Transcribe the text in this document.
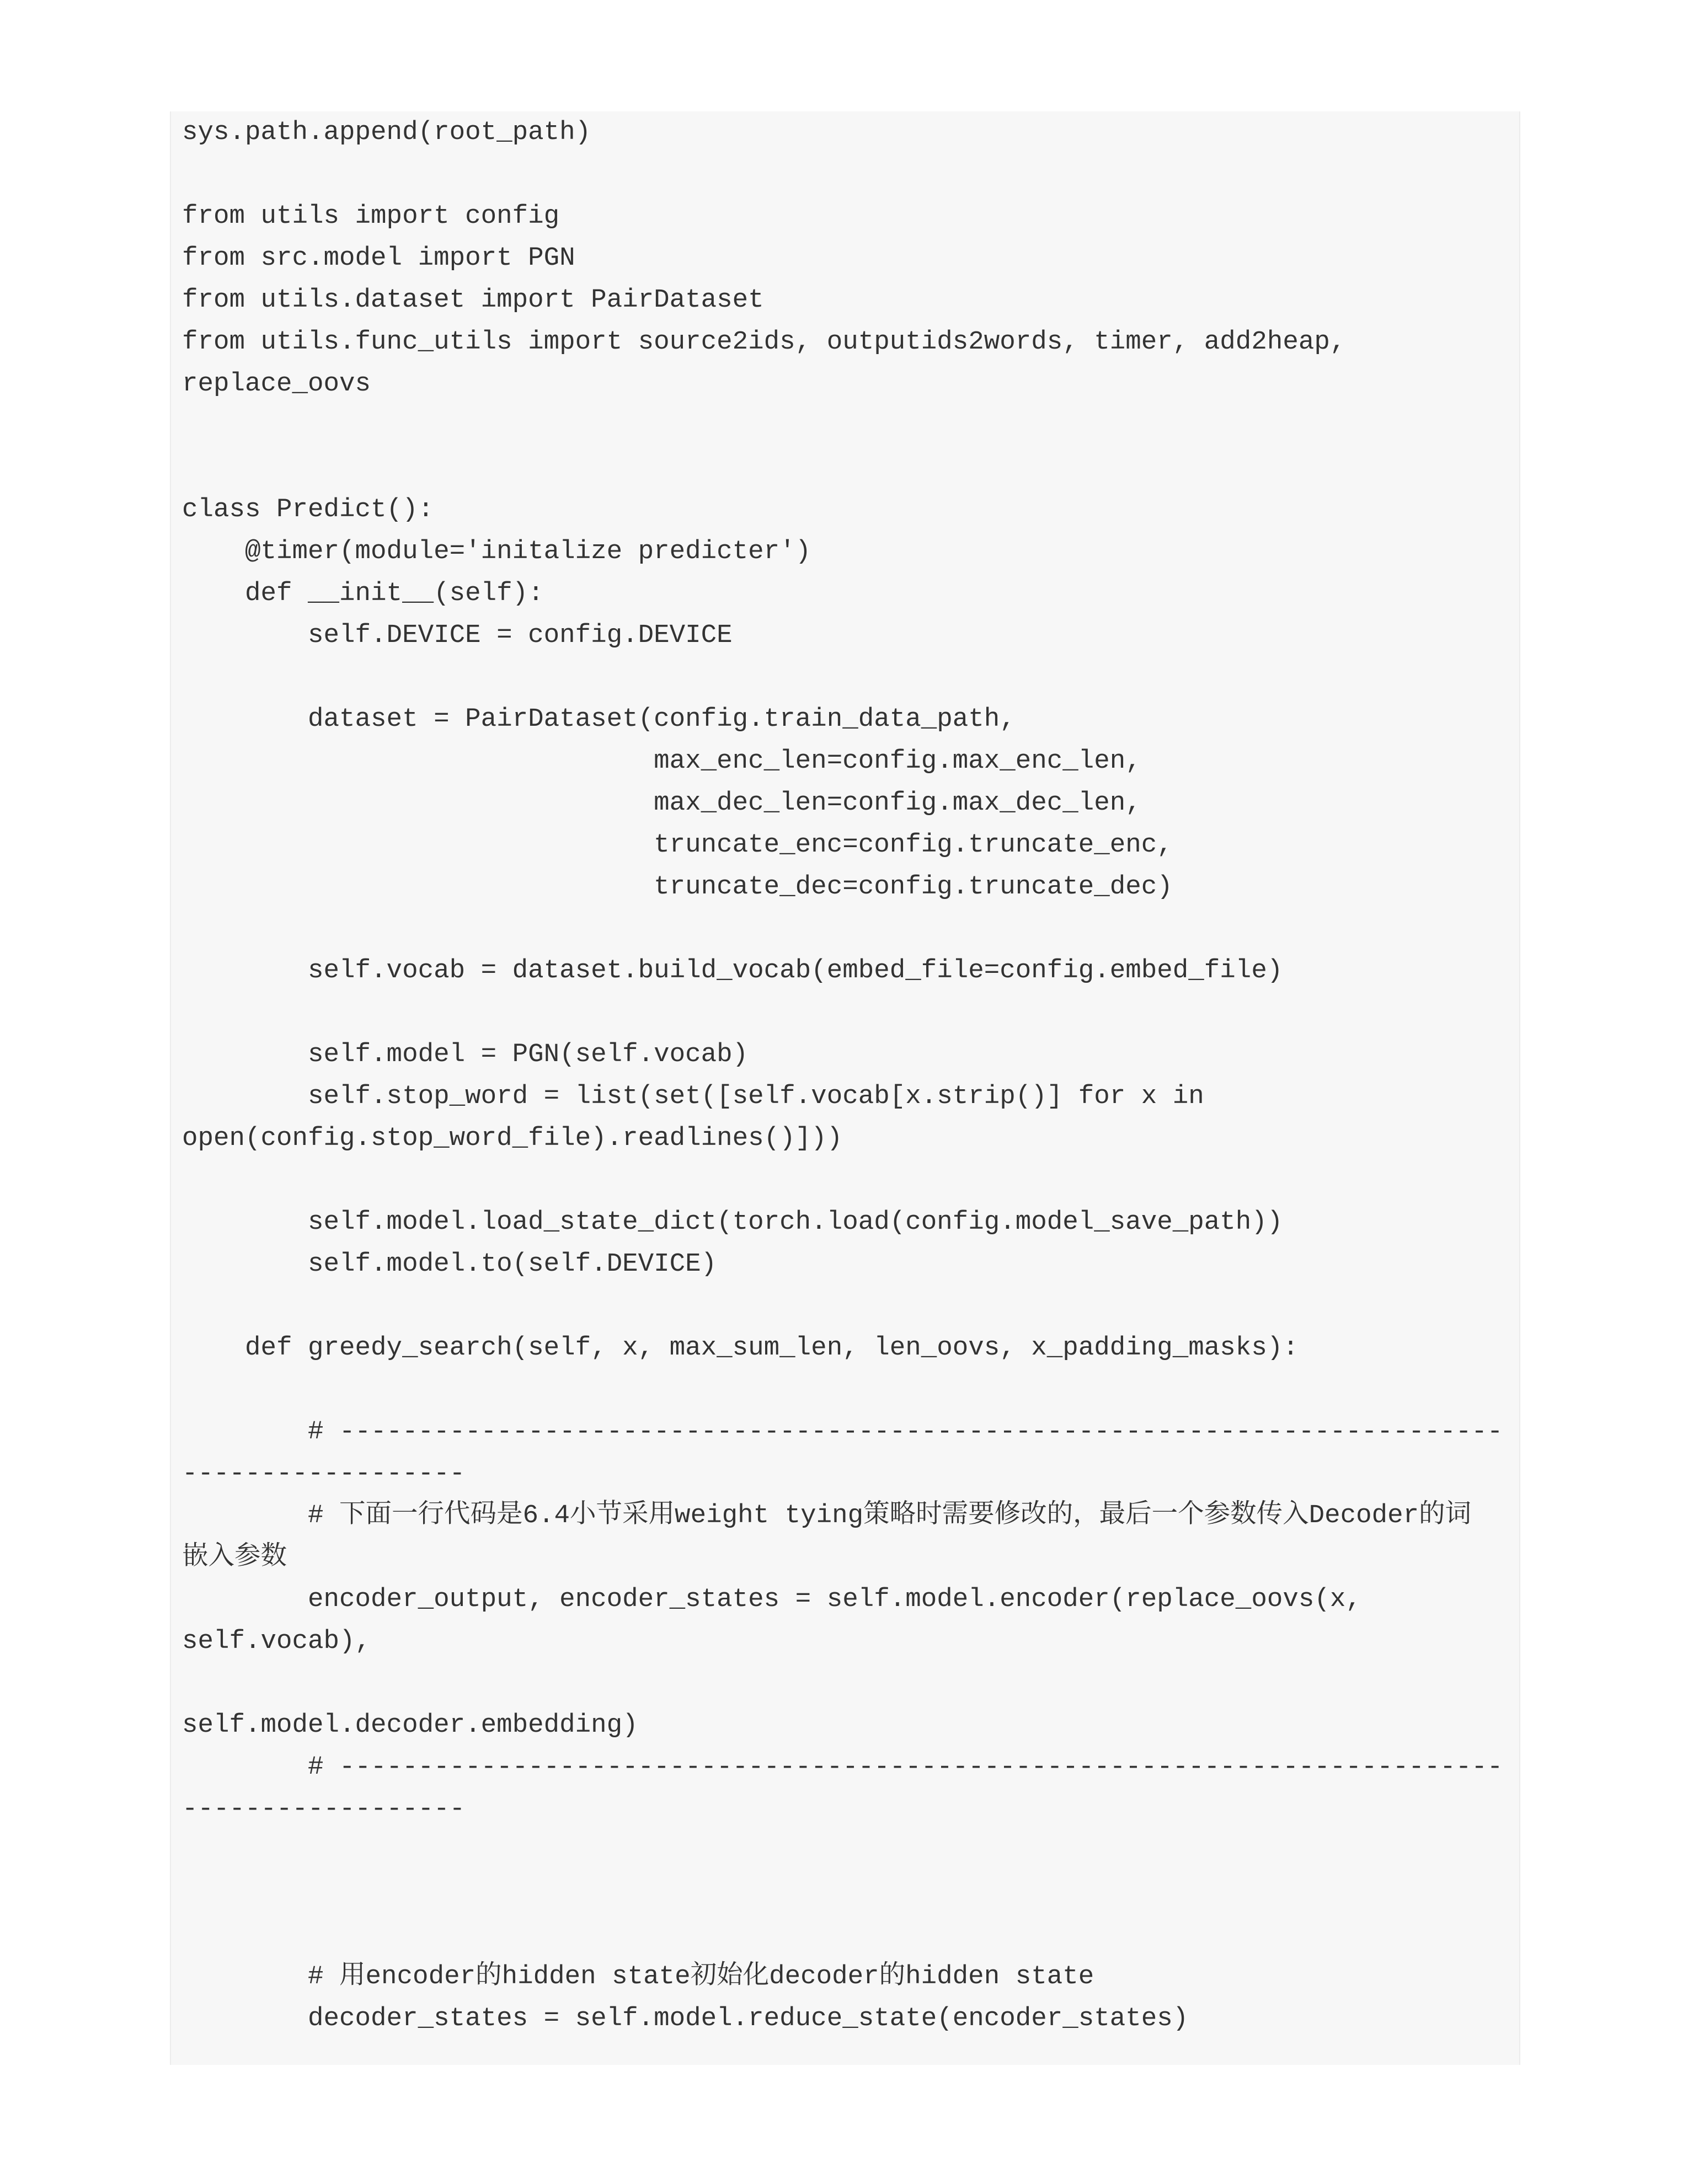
sys.path.append(root_path)
from utils import config
from src.model import PGN
from utils.dataset import PairDataset
from utils.func_utils import source2ids, outputids2words, timer, add2heap,
replace_oovs
class Predict():
@timer(module='initalize predicter')
def __init__(self):
self.DEVICE = config.DEVICE
dataset = PairDataset(config.train_data_path,
max_enc_len=config.max_enc_len,
max_dec_len=config.max_dec_len,
truncate_enc=config.truncate_enc,
truncate_dec=config.truncate_dec)
self.vocab = dataset.build_vocab(embed_file=config.embed_file)
self.model = PGN(self.vocab)
self.stop_word = list(set([self.vocab[x.strip()] for x in
open(config.stop_word_file).readlines()]))
self.model.load_state_dict(torch.load(config.model_save_path))
self.model.to(self.DEVICE)
def greedy_search(self, x, max_sum_len, len_oovs, x_padding_masks):
# --------------------------------------------------------------------------
------------------
# 下面一行代码是6.4小节采用weight tying策略时需要修改的，最后一个参数传入Decoder的词
嵌入参数
encoder_output, encoder_states = self.model.encoder(replace_oovs(x,
self.vocab),
self.model.decoder.embedding)
# --------------------------------------------------------------------------
------------------
# 用encoder的hidden state初始化decoder的hidden state
decoder_states = self.model.reduce_state(encoder_states)
